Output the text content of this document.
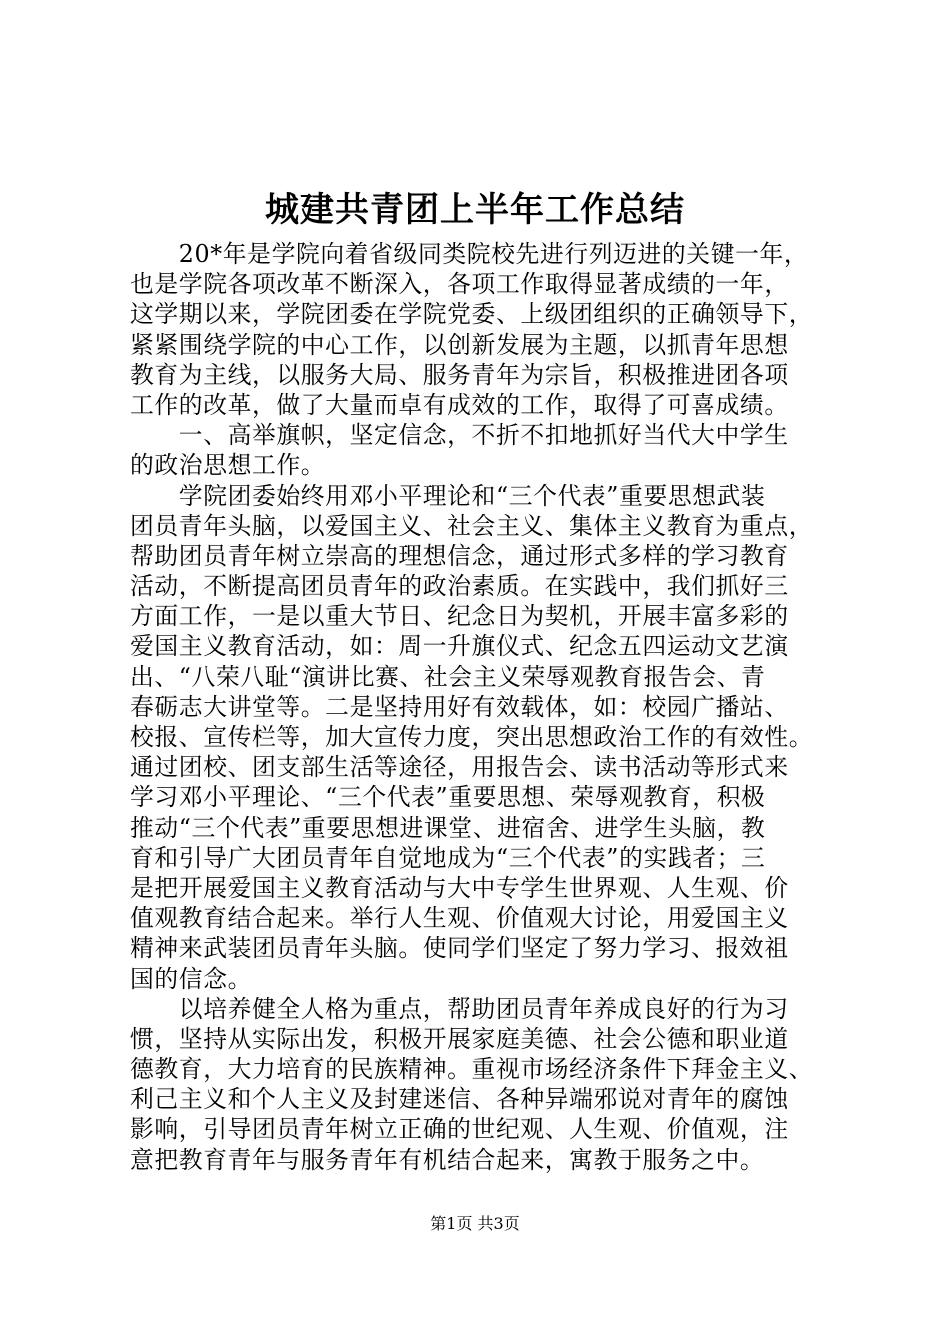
城建共青团上半年工作总结
　　20*年是学院向着省级同类院校先进行列迈进的关键一年，
也是学院各项改革不断深入，各项工作取得显著成绩的一年，
这学期以来，学院团委在学院党委、上级团组织的正确领导下，
紧紧围绕学院的中心工作，以创新发展为主题，以抓青年思想
教育为主线，以服务大局、服务青年为宗旨，积极推进团各项
工作的改革，做了大量而卓有成效的工作，取得了可喜成绩。
　　一、高举旗帜，坚定信念，不折不扣地抓好当代大中学生
的政治思想工作。
　　学院团委始终用邓小平理论和“三个代表”重要思想武装
团员青年头脑，以爱国主义、社会主义、集体主义教育为重点，
帮助团员青年树立崇高的理想信念，通过形式多样的学习教育
活动，不断提高团员青年的政治素质。在实践中，我们抓好三
方面工作，一是以重大节日、纪念日为契机，开展丰富多彩的
爱国主义教育活动，如：周一升旗仪式、纪念五四运动文艺演
出、“八荣八耻“演讲比赛、社会主义荣辱观教育报告会、青
春砺志大讲堂等。二是坚持用好有效载体，如：校园广播站、
校报、宣传栏等，加大宣传力度，突出思想政治工作的有效性。
通过团校、团支部生活等途径，用报告会、读书活动等形式来
学习邓小平理论、“三个代表”重要思想、荣辱观教育，积极
推动“三个代表”重要思想进课堂、进宿舍、进学生头脑，教
育和引导广大团员青年自觉地成为“三个代表”的实践者；三
是把开展爱国主义教育活动与大中专学生世界观、人生观、价
值观教育结合起来。举行人生观、价值观大讨论，用爱国主义
精神来武装团员青年头脑。使同学们坚定了努力学习、报效祖
国的信念。
　　以培养健全人格为重点，帮助团员青年养成良好的行为习
惯，坚持从实际出发，积极开展家庭美德、社会公德和职业道
德教育，大力培育的民族精神。重视市场经济条件下拜金主义、
利己主义和个人主义及封建迷信、各种异端邪说对青年的腐蚀
影响，引导团员青年树立正确的世纪观、人生观、价值观，注
意把教育青年与服务青年有机结合起来，寓教于服务之中。
第1页 共3页
